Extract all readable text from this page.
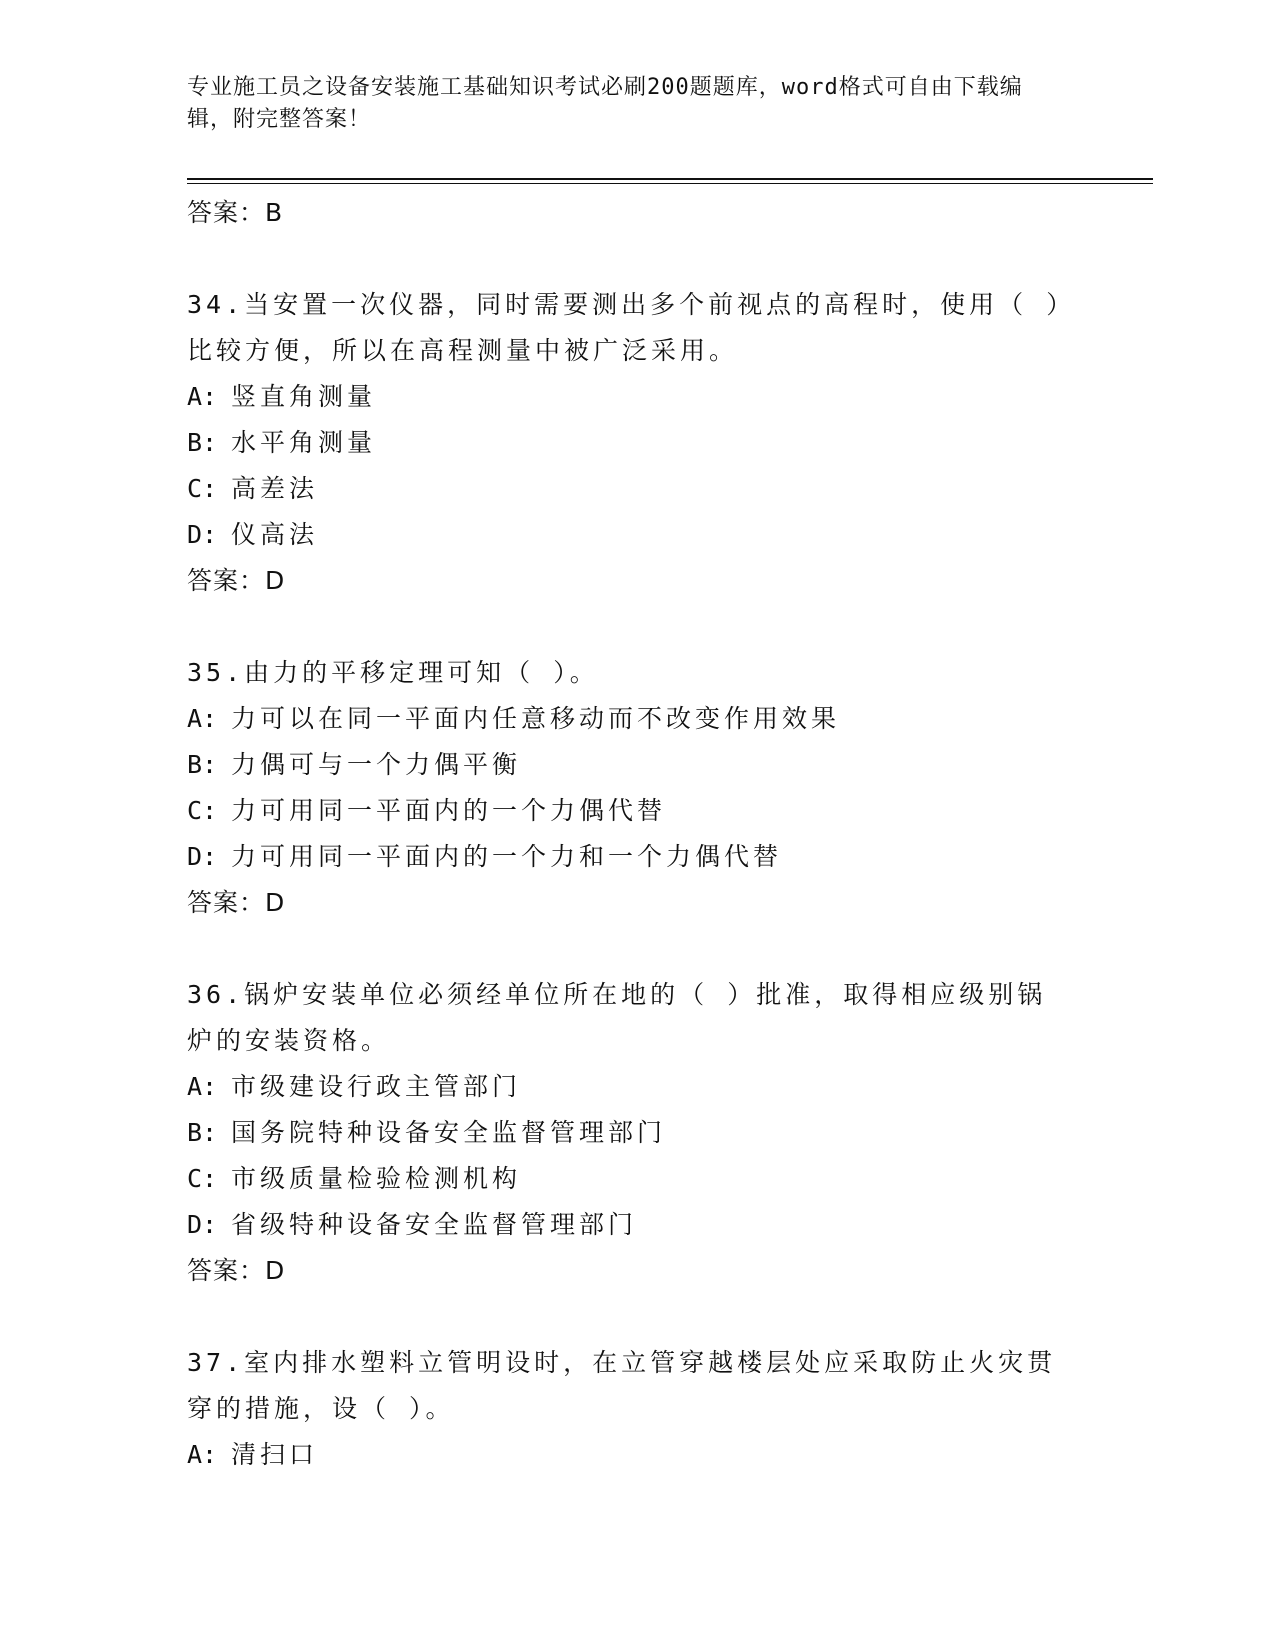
专业施工员之设备安装施工基础知识考试必刷200题题库，word格式可自由下载编辑，附完整答案！
答案：B
34.当安置一次仪器，同时需要测出多个前视点的高程时，使用（ ）比较方便，所以在高程测量中被广泛采用。
A: 竖直角测量
B: 水平角测量
C: 高差法
D: 仪高法
答案：D
35.由力的平移定理可知（ ）。
A: 力可以在同一平面内任意移动而不改变作用效果
B: 力偶可与一个力偶平衡
C: 力可用同一平面内的一个力偶代替
D: 力可用同一平面内的一个力和一个力偶代替
答案：D
36.锅炉安装单位必须经单位所在地的（ ）批准，取得相应级别锅炉的安装资格。
A: 市级建设行政主管部门
B: 国务院特种设备安全监督管理部门
C: 市级质量检验检测机构
D: 省级特种设备安全监督管理部门
答案：D
37.室内排水塑料立管明设时，在立管穿越楼层处应采取防止火灾贯穿的措施，设（ ）。
A: 清扫口
